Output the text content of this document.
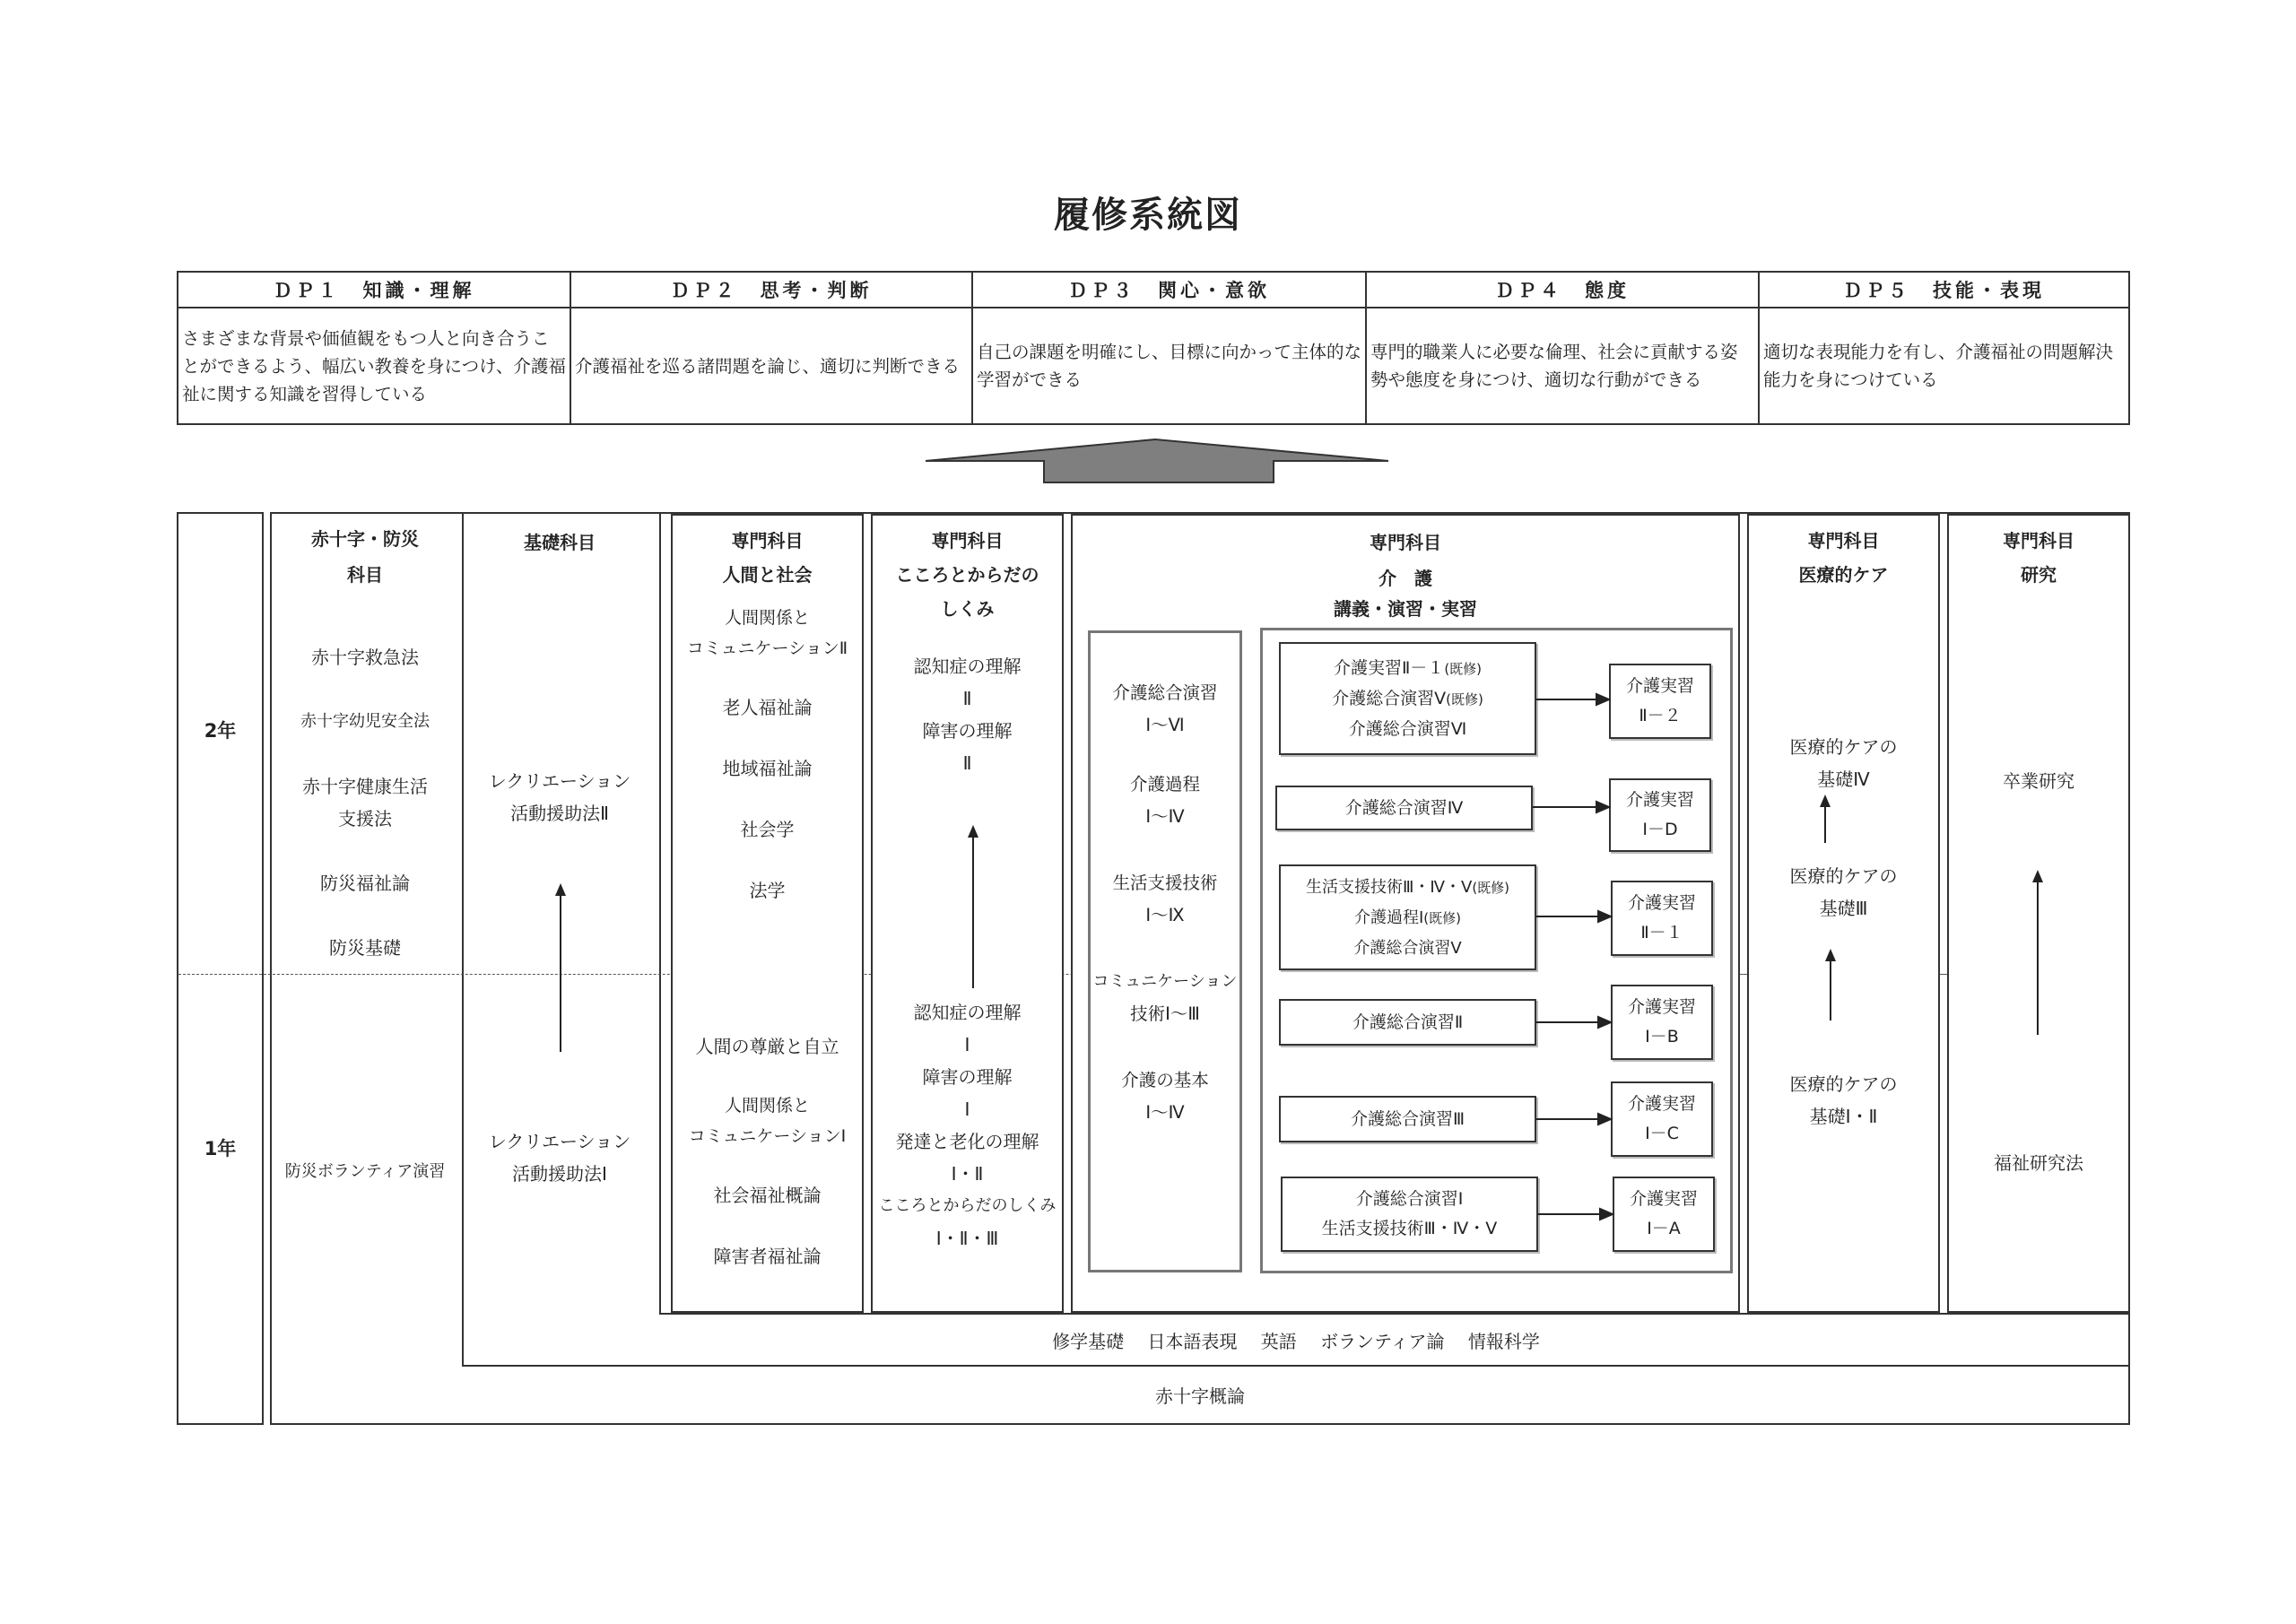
履修系統図
ＤＰ１　知識・理解	ＤＰ２　思考・判断	ＤＰ３　関心・意欲	ＤＰ４　態度	ＤＰ５　技能・表現
さまざまな背景や価値観をもつ人と向き合うことができるよう、幅広い教養を身につけ、介護福祉に関する知識を習得している	介護福祉を巡る諸問題を論じ、適切に判断できる	自己の課題を明確にし、目標に向かって主体的な学習ができる	専門的職業人に必要な倫理、社会に貢献する姿勢や態度を身につけ、適切な行動ができる	適切な表現能力を有し、介護福祉の問題解決能力を身につけている
修学基礎　 日本語表現　 英語　 ボランティア論　 情報科学
赤十字概論
2年
1年
赤十字・防災
科目
赤十字救急法
赤十字幼児安全法
赤十字健康生活
支援法
防災福祉論
防災基礎
防災ボランティア演習
基礎科目
レクリエーション
活動援助法Ⅱ
レクリエーション
活動援助法Ⅰ
専門科目
人間と社会
人間関係と
コミュニケーションⅡ
老人福祉論
地域福祉論
社会学
法学
人間の尊厳と自立
人間関係と
コミュニケーションⅠ
社会福祉概論
障害者福祉論
専門科目
こころとからだの
しくみ
認知症の理解
Ⅱ
障害の理解
Ⅱ
認知症の理解
Ⅰ
障害の理解
Ⅰ
発達と老化の理解
Ⅰ・Ⅱ
こころとからだのしくみ
Ⅰ・Ⅱ・Ⅲ
専門科目
介　護
講義・演習・実習
介護総合演習
Ⅰ～Ⅵ
介護過程
Ⅰ～Ⅳ
生活支援技術
Ⅰ～Ⅸ
コミュニケーション
技術Ⅰ～Ⅲ
介護の基本
Ⅰ～Ⅳ
介護実習Ⅱ－１(既修)
介護総合演習Ⅴ(既修)
介護総合演習Ⅵ
介護実習
Ⅱ－２
介護総合演習Ⅳ	介護実習
Ⅰ－D
生活支援技術Ⅲ・Ⅳ・Ⅴ(既修)
介護過程Ⅰ(既修)
介護総合演習Ⅴ
介護実習
Ⅱ－１
介護総合演習Ⅱ
介護実習
Ⅰ－B
介護総合演習Ⅲ
介護実習
Ⅰ－C
介護総合演習Ⅰ
生活支援技術Ⅲ・Ⅳ・Ⅴ
介護実習
Ⅰ－A
専門科目
医療的ケア
医療的ケアの
基礎Ⅳ
医療的ケアの
基礎Ⅲ
医療的ケアの
基礎Ⅰ・Ⅱ
専門科目
研究
卒業研究
福祉研究法
